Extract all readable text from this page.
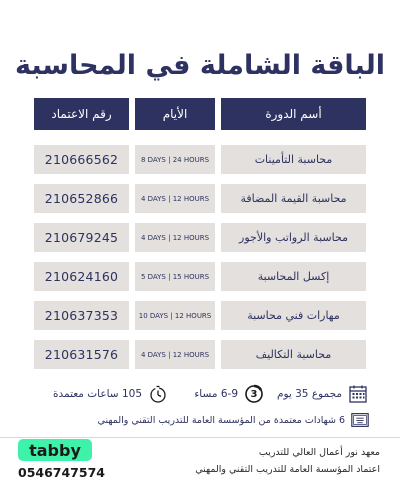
الباقة الشاملة في المحاسبة
رقم الاعتماد	الأيام	أسم الدورة
210666562	8 DAYS | 24 HOURS	محاسبة التأمينات
210652866	4 DAYS | 12 HOURS	محاسبة القيمة المضافة
210679245	4 DAYS | 12 HOURS	محاسبة الرواتب والأجور
210624160	5 DAYS | 15 HOURS	إكسل المحاسبة
210637353	10 DAYS | 12 HOURS	مهارات فني محاسبة
210631576	4 DAYS | 12 HOURS	محاسبة التكاليف
مجموع 35 يوم
3
6-9 مساء
105 ساعات معتمدة
6 شهادات معتمدة من المؤسسة العامة للتدريب التقني والمهني
tabby
0546747574
معهد نور أعمال العالي للتدريب
اعتماد المؤسسة العامة للتدريب التقني والمهني
